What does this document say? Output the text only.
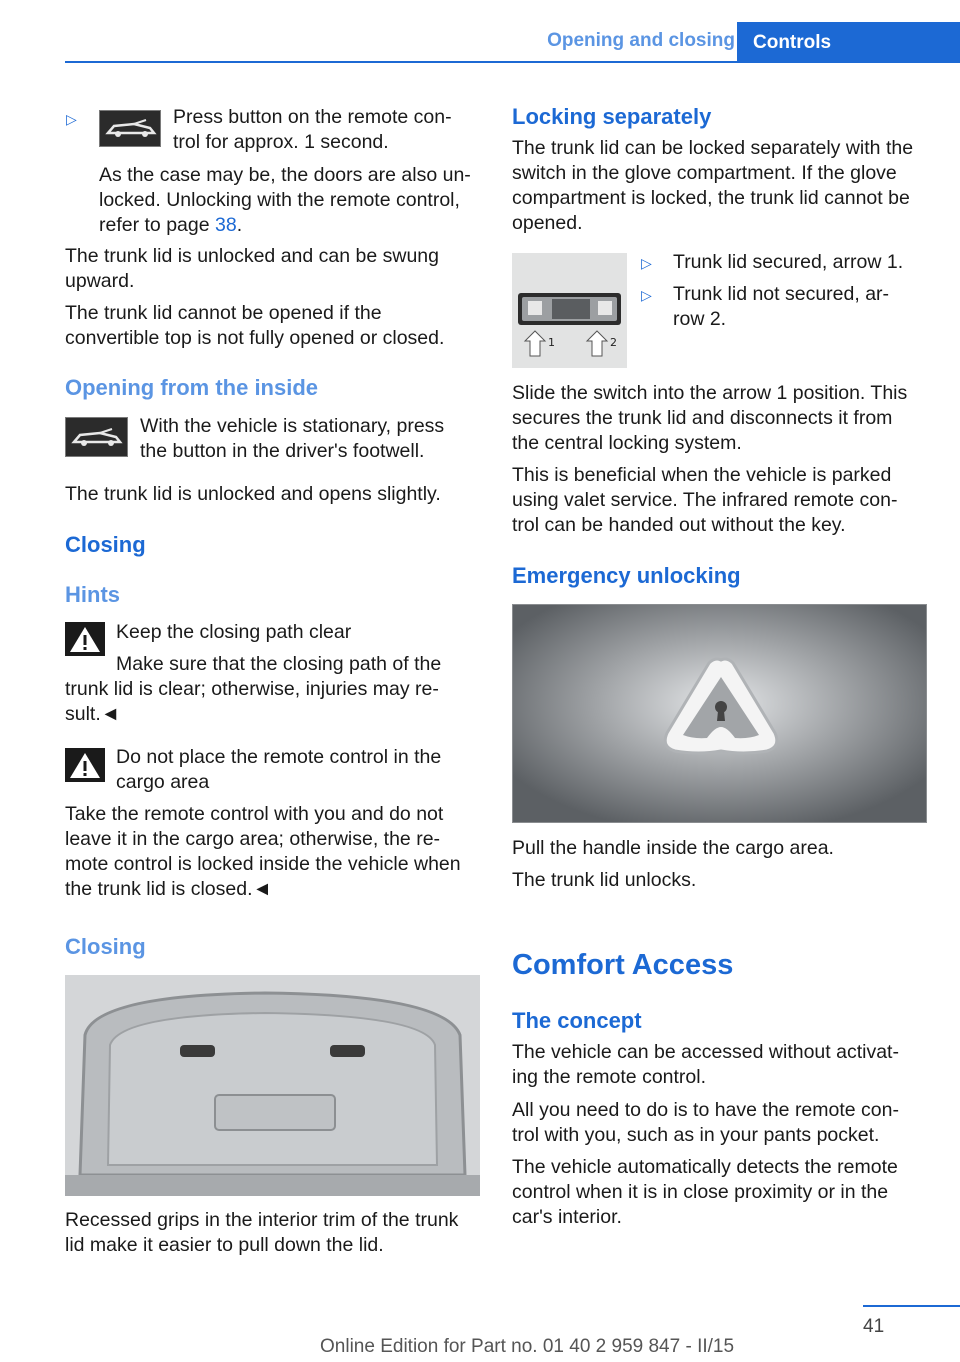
Opening and closing Controls
▷	Press button on the remote con-
trol for approx. 1 second.

As the case may be, the doors are also un-
locked. Unlocking with the remote control,
refer to page 38.

The trunk lid is unlocked and can be swung
upward.

The trunk lid cannot be opened if the
convertible top is not fully opened or closed.

Opening from the inside

With the vehicle is stationary, press
the button in the driver's footwell.

The trunk lid is unlocked and opens slightly.

Closing
Hints

Keep the closing path clear

Make sure that the closing path of the

trunk lid is clear; otherwise, injuries may re-
sult.◄

Do not place the remote control in the
cargo area

Take the remote control with you and do not
leave it in the cargo area; otherwise, the re-
mote control is locked inside the vehicle when
the trunk lid is closed.◄

Closing

Recessed grips in the interior trim of the trunk
lid make it easier to pull down the lid.

Locking separately

The trunk lid can be locked separately with the
switch in the glove compartment. If the glove
compartment is locked, the trunk lid cannot be
opened.

1	2
▷ Trunk lid secured, arrow 1.

▷ Trunk lid not secured, ar-
row 2.

Slide the switch into the arrow 1 position. This
secures the trunk lid and disconnects it from
the central locking system.

This is beneficial when the vehicle is parked
using valet service. The infrared remote con-
trol can be handed out without the key.

Emergency unlocking

Pull the handle inside the cargo area.

The trunk lid unlocks.

Comfort Access
The concept

The vehicle can be accessed without activat-
ing the remote control.

All you need to do is to have the remote con-
trol with you, such as in your pants pocket.

The vehicle automatically detects the remote
control when it is in close proximity or in the
car's interior.

41
Online Edition for Part no. 01 40 2 959 847 - II/15
